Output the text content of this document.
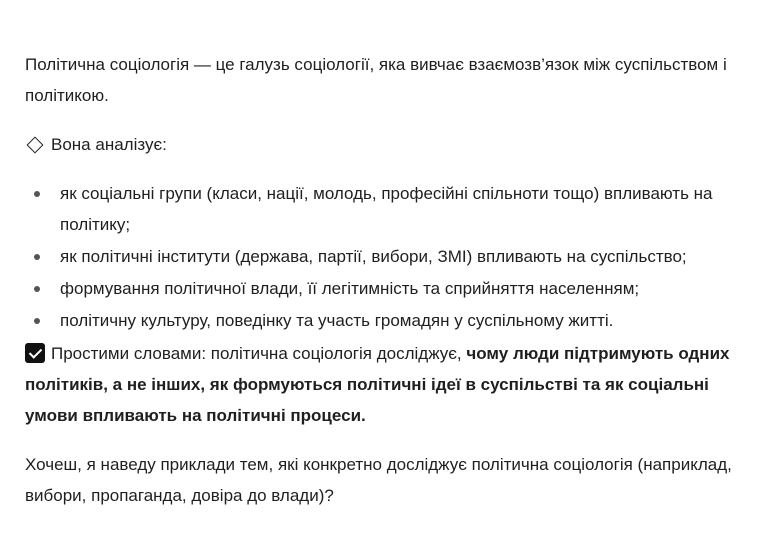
Політична соціологія — це галузь соціології, яка вивчає взаємозв’язок між суспільством і політикою.

Вона аналізує:

як соціальні групи (класи, нації, молодь, професійні спільноти тощо) впливають на політику;
як політичні інститути (держава, партії, вибори, ЗМІ) впливають на суспільство;
формування політичної влади, її легітимність та сприйняття населенням;
політичну культуру, поведінку та участь громадян у суспільному житті.

Простими словами: політична соціологія досліджує, чому люди підтримують одних політиків, а не інших, як формуються політичні ідеї в суспільстві та як соціальні умови впливають на політичні процеси.

Хочеш, я наведу приклади тем, які конкретно досліджує політична соціологія (наприклад, вибори, пропаганда, довіра до влади)?
